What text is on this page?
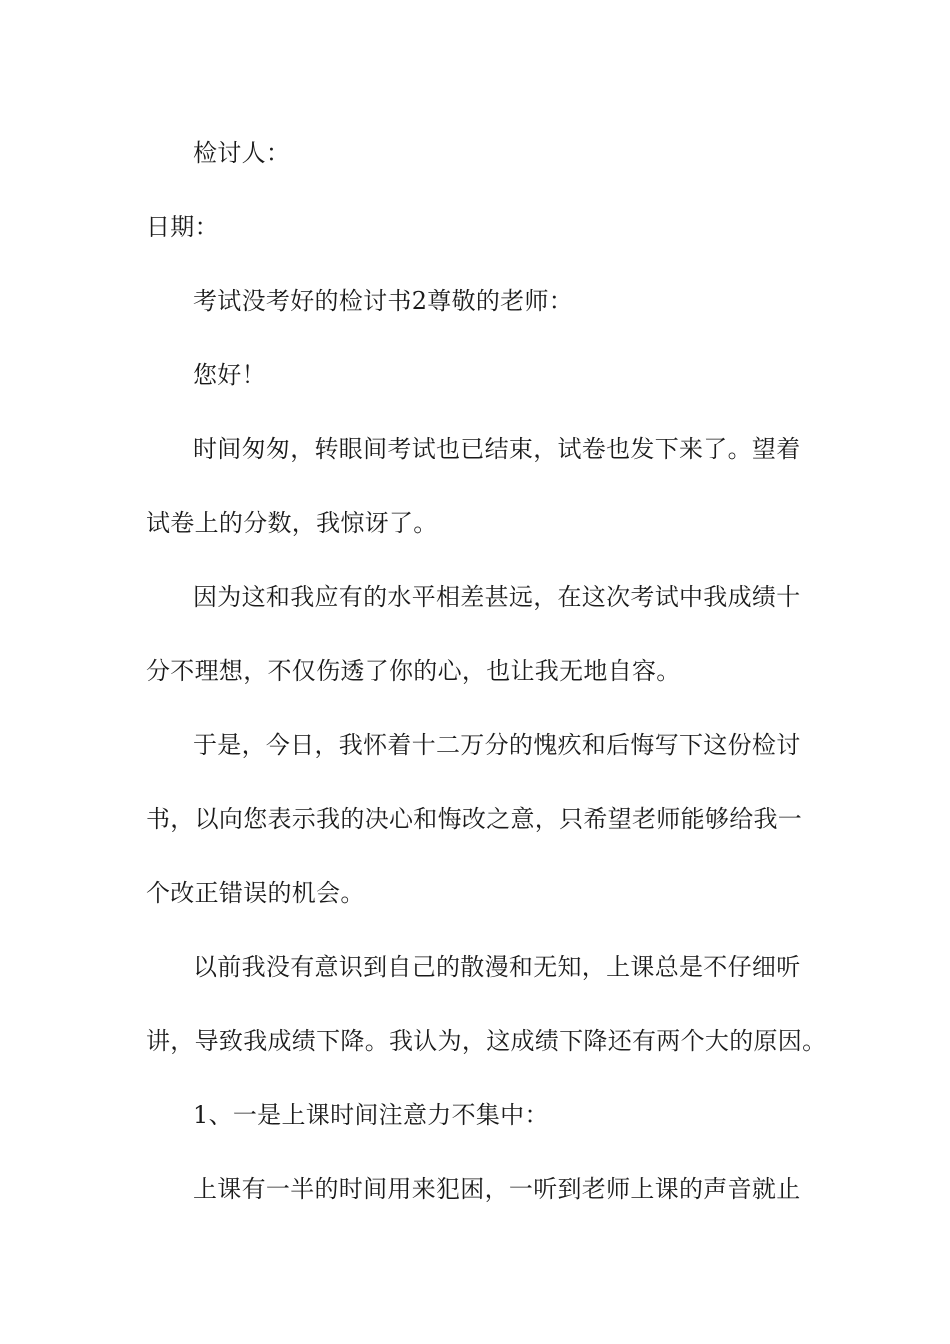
检讨人：

日期：

考试没考好的检讨书2尊敬的老师：

您好！

时间匆匆，转眼间考试也已结束，试卷也发下来了。望着

试卷上的分数，我惊讶了。

因为这和我应有的水平相差甚远，在这次考试中我成绩十

分不理想，不仅伤透了你的心，也让我无地自容。

于是，今日，我怀着十二万分的愧疚和后悔写下这份检讨

书，以向您表示我的决心和悔改之意，只希望老师能够给我一

个改正错误的机会。

以前我没有意识到自己的散漫和无知，上课总是不仔细听

讲，导致我成绩下降。我认为，这成绩下降还有两个大的原因。

1、一是上课时间注意力不集中：

上课有一半的时间用来犯困，一听到老师上课的声音就止
